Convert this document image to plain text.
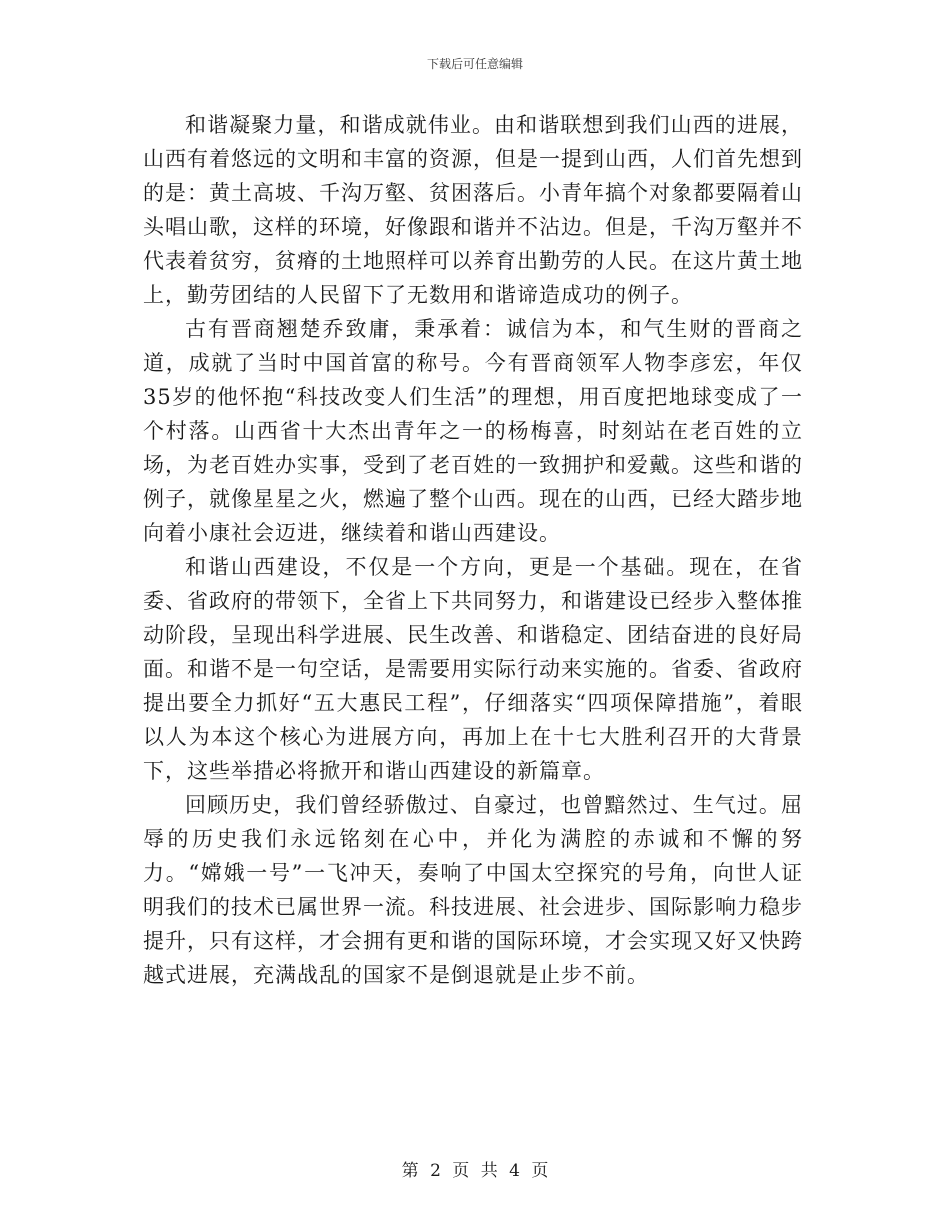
下载后可任意编辑

和谐凝聚力量，和谐成就伟业。由和谐联想到我们山西的进展，山西有着悠远的文明和丰富的资源，但是一提到山西，人们首先想到的是：黄土高坡、千沟万壑、贫困落后。小青年搞个对象都要隔着山头唱山歌，这样的环境，好像跟和谐并不沾边。但是，千沟万壑并不代表着贫穷，贫瘠的土地照样可以养育出勤劳的人民。在这片黄土地上，勤劳团结的人民留下了无数用和谐谛造成功的例子。

古有晋商翘楚乔致庸，秉承着：诚信为本，和气生财的晋商之道，成就了当时中国首富的称号。今有晋商领军人物李彦宏，年仅35岁的他怀抱“科技改变人们生活”的理想，用百度把地球变成了一个村落。山西省十大杰出青年之一的杨梅喜，时刻站在老百姓的立场，为老百姓办实事，受到了老百姓的一致拥护和爱戴。这些和谐的例子，就像星星之火，燃遍了整个山西。现在的山西，已经大踏步地向着小康社会迈进，继续着和谐山西建设。

和谐山西建设，不仅是一个方向，更是一个基础。现在，在省委、省政府的带领下，全省上下共同努力，和谐建设已经步入整体推动阶段，呈现出科学进展、民生改善、和谐稳定、团结奋进的良好局面。和谐不是一句空话，是需要用实际行动来实施的。省委、省政府提出要全力抓好“五大惠民工程”，仔细落实“四项保障措施”，着眼以人为本这个核心为进展方向，再加上在十七大胜利召开的大背景下，这些举措必将掀开和谐山西建设的新篇章。

回顾历史，我们曾经骄傲过、自豪过，也曾黯然过、生气过。屈辱的历史我们永远铭刻在心中，并化为满腔的赤诚和不懈的努力。“嫦娥一号”一飞冲天，奏响了中国太空探究的号角，向世人证明我们的技术已属世界一流。科技进展、社会进步、国际影响力稳步提升，只有这样，才会拥有更和谐的国际环境，才会实现又好又快跨越式进展，充满战乱的国家不是倒退就是止步不前。

第 2 页 共 4 页
